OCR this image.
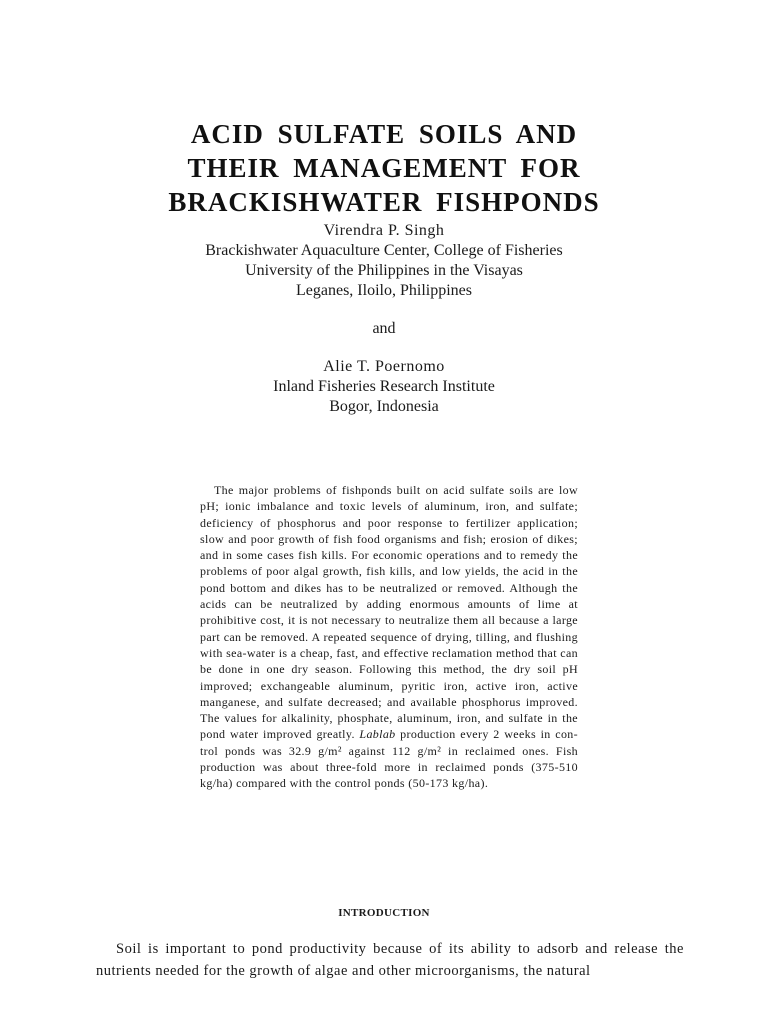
ACID SULFATE SOILS AND
THEIR MANAGEMENT FOR
BRACKISHWATER FISHPONDS
Virendra P. Singh
Brackishwater Aquaculture Center, College of Fisheries
University of the Philippines in the Visayas
Leganes, Iloilo, Philippines
and
Alie T. Poernomo
Inland Fisheries Research Institute
Bogor, Indonesia

The major problems of fishponds built on acid sulfate soils are low pH; ionic imbalance and toxic levels of aluminum, iron, and sulfate; deficiency of phosphorus and poor response to fertilizer application; slow and poor growth of fish food organisms and fish; erosion of dikes; and in some cases fish kills. For economic operations and to remedy the problems of poor algal growth, fish kills, and low yields, the acid in the pond bottom and dikes has to be neutralized or removed. Although the acids can be neutralized by adding enormous amounts of lime at prohibitive cost, it is not necessary to neutralize them all because a large part can be removed. A repeated sequence of drying, tilling, and flushing with sea-water is a cheap, fast, and effective reclamation method that can be done in one dry season. Following this method, the dry soil pH improved; exchangeable aluminum, pyritic iron, active iron, active manganese, and sulfate decreased; and available phosphorus improved. The values for alkalinity, phosphate, aluminum, iron, and sulfate in the pond water improved greatly. Lablab production every 2 weeks in con-trol ponds was 32.9 g/m² against 112 g/m² in reclaimed ones. Fish production was about three-fold more in reclaimed ponds (375-510 kg/ha) compared with the control ponds (50-173 kg/ha).

INTRODUCTION

Soil is important to pond productivity because of its ability to adsorb and release the nutrients needed for the growth of algae and other microorganisms, the natural
